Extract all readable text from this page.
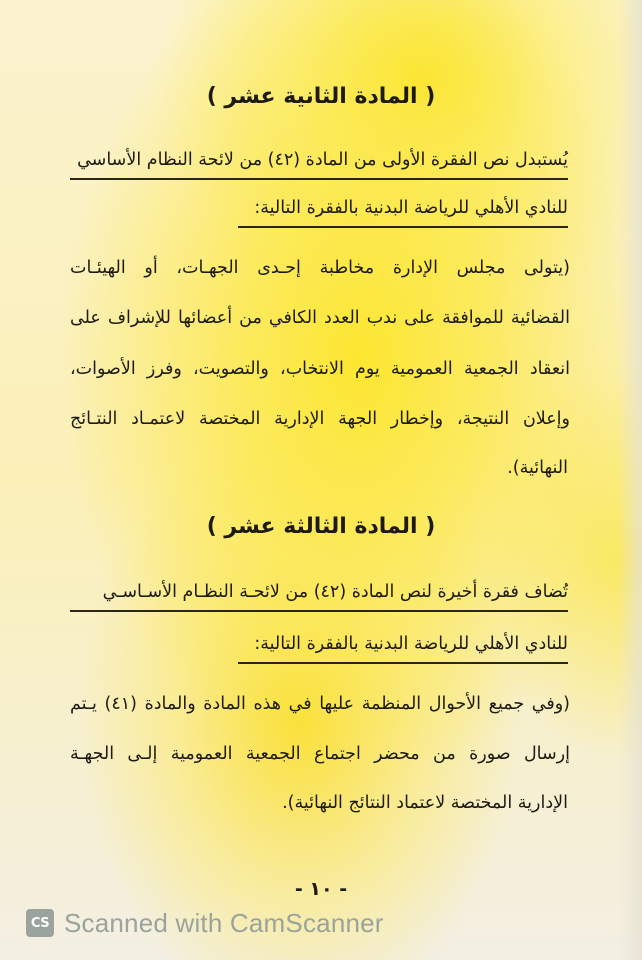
( المادة الثانية عشر )

يُستبدل نص الفقرة الأولى من المادة (٤٢) من لائحة النظام الأساسي

للنادي الأهلي للرياضة البدنية بالفقرة التالية:

(يتولى مجلس الإدارة مخاطبة إحـدى الجهـات، أو الهيئـات

القضائية للموافقة على ندب العدد الكافي من أعضائها للإشراف على

انعقاد الجمعية العمومية يوم الانتخاب، والتصويت، وفرز الأصوات،

وإعلان النتيجة، وإخطار الجهة الإدارية المختصة لاعتمـاد النتـائج

النهائية).

( المادة الثالثة عشر )

تُضاف فقرة أخيرة لنص المادة (٤٢) من لائحـة النظـام الأسـاسـي

للنادي الأهلي للرياضة البدنية بالفقرة التالية:

(وفي جميع الأحوال المنظمة عليها في هذه المادة والمادة (٤١) يـتم

إرسال صورة من محضر اجتماع الجمعية العمومية إلـى الجهـة

الإدارية المختصة لاعتماد النتائج النهائية).

- ١٠ -
CS Scanned with CamScanner
